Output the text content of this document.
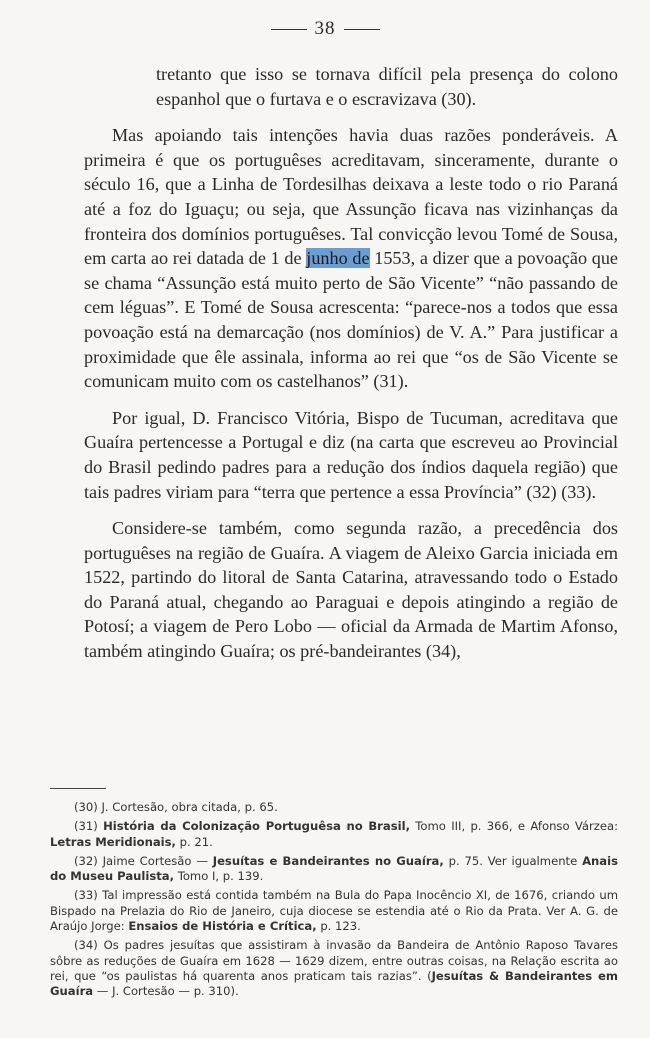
38

tretanto que isso se tornava difícil pela presença do colono espanhol que o furtava e o escravizava (30).

Mas apoiando tais intenções havia duas razões ponderáveis. A primeira é que os portuguêses acreditavam, sinceramente, durante o século 16, que a Linha de Tordesilhas deixava a leste todo o rio Paraná até a foz do Iguaçu; ou seja, que Assunção ficava nas vizinhanças da fronteira dos domínios portuguêses. Tal convicção levou Tomé de Sousa, em carta ao rei datada de 1 de junho de 1553, a dizer que a povoação que se chama “Assunção está muito perto de São Vicente” “não passando de cem léguas”. E Tomé de Sousa acrescenta: “parece-nos a todos que essa povoação está na demarcação (nos domínios) de V. A.” Para justificar a proximidade que êle assinala, informa ao rei que “os de São Vicente se comunicam muito com os castelhanos” (31).

Por igual, D. Francisco Vitória, Bispo de Tucuman, acreditava que Guaíra pertencesse a Portugal e diz (na carta que escreveu ao Provincial do Brasil pedindo padres para a redução dos índios daquela região) que tais padres viriam para “terra que pertence a essa Província” (32) (33).

Considere-se também, como segunda razão, a precedência dos portuguêses na região de Guaíra. A viagem de Aleixo Garcia iniciada em 1522, partindo do litoral de Santa Catarina, atravessando todo o Estado do Paraná atual, chegando ao Paraguai e depois atingindo a região de Potosí; a viagem de Pero Lobo — oficial da Armada de Martim Afonso, também atingindo Guaíra; os pré-bandeirantes (34),

(30) J. Cortesão, obra citada, p. 65.

(31) História da Colonização Portuguêsa no Brasil, Tomo III, p. 366, e Afonso Várzea: Letras Meridionais, p. 21.

(32) Jaime Cortesão — Jesuítas e Bandeirantes no Guaíra, p. 75. Ver igualmente Anais do Museu Paulista, Tomo I, p. 139.

(33) Tal impressão está contida também na Bula do Papa Inocêncio XI, de 1676, criando um Bispado na Prelazia do Rio de Janeiro, cuja diocese se estendia até o Rio da Prata. Ver A. G. de Araújo Jorge: Ensaios de História e Crítica, p. 123.

(34) Os padres jesuítas que assistiram à invasão da Bandeira de Antônio Raposo Tavares sôbre as reduções de Guaíra em 1628 — 1629 dizem, entre outras coisas, na Relação escrita ao rei, que “os paulistas há quarenta anos praticam tais razias”. (Jesuítas & Bandeirantes em Guaíra — J. Cortesão — p. 310).
